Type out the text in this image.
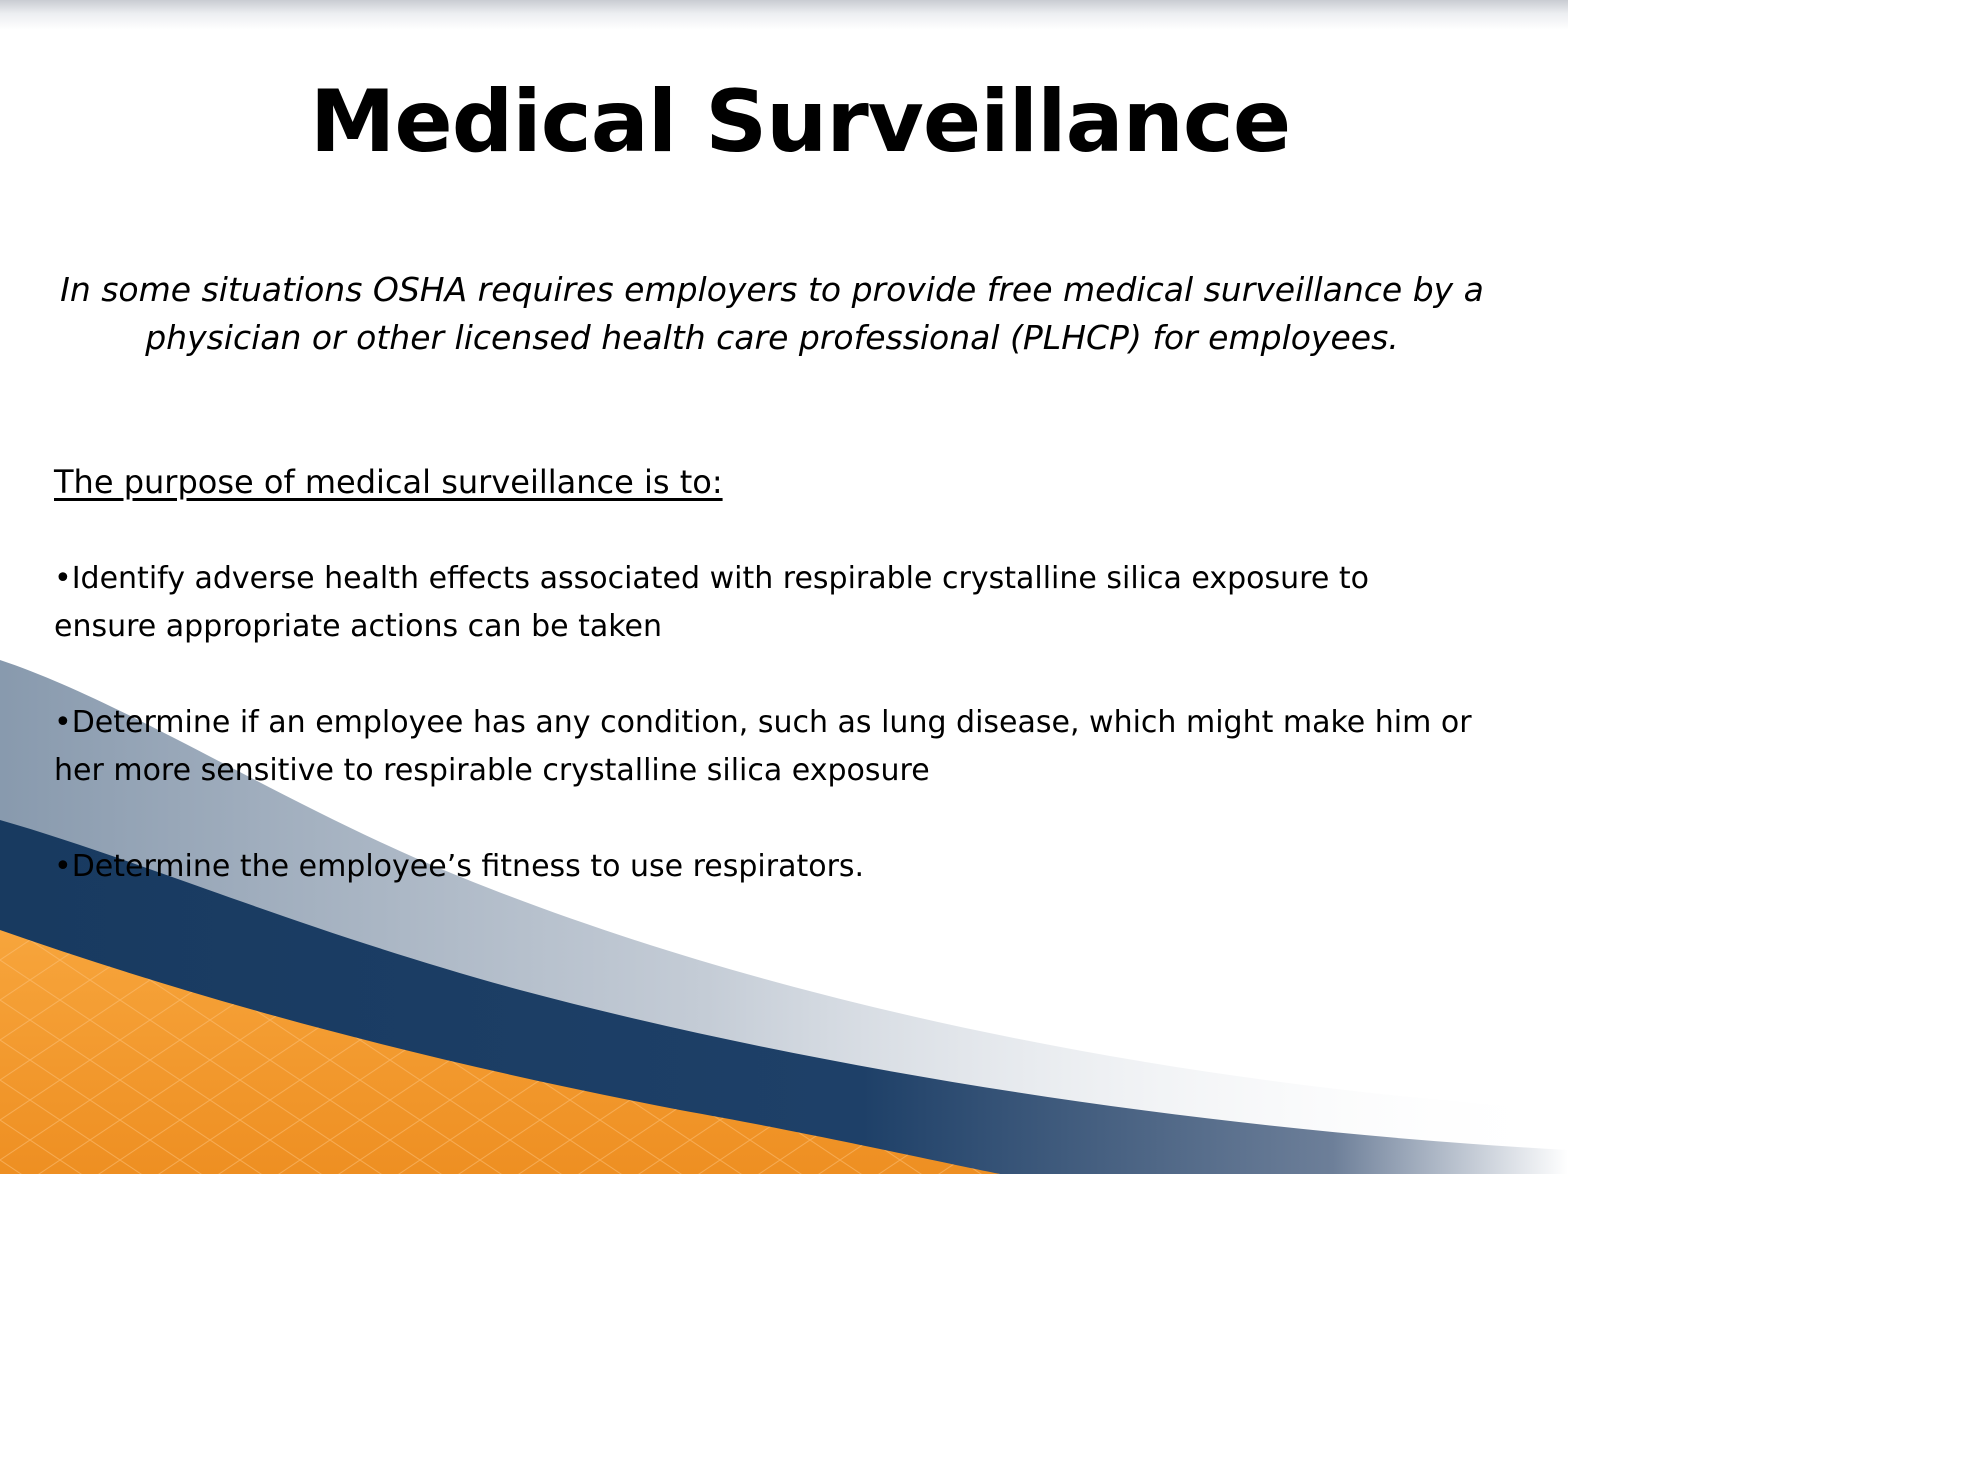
Medical Surveillance
In some situations OSHA requires employers to provide free medical surveillance by a physician or other licensed health care professional (PLHCP) for employees.
The purpose of medical surveillance is to:
•Identify adverse health effects associated with respirable crystalline silica exposure to ensure appropriate actions can be taken
•Determine if an employee has any condition, such as lung disease, which might make him or her more sensitive to respirable crystalline silica exposure
•Determine the employee’s fitness to use respirators.
